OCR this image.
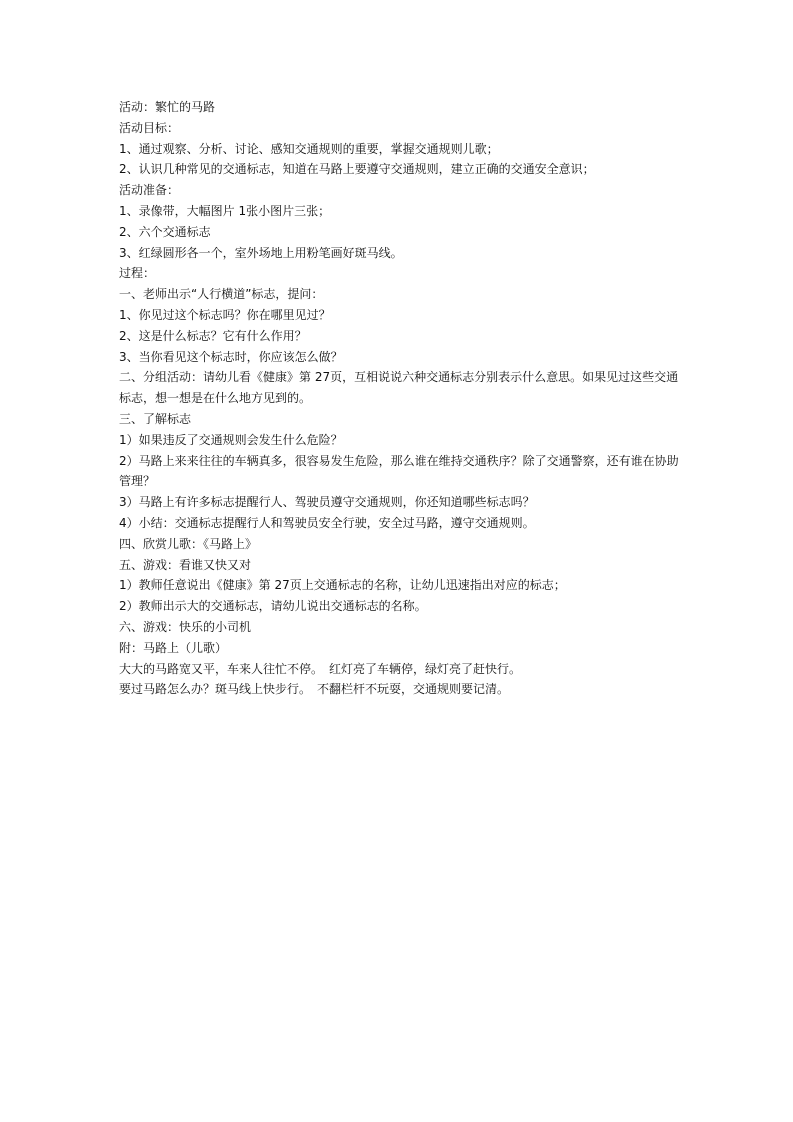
活动：繁忙的马路
活动目标：
1、通过观察、分析、讨论、感知交通规则的重要，掌握交通规则儿歌；
2、认识几种常见的交通标志，知道在马路上要遵守交通规则，建立正确的交通安全意识；
活动准备：
1、录像带，大幅图片 1张小图片三张；
2、六个交通标志
3、红绿圆形各一个，室外场地上用粉笔画好斑马线。
过程：
一、老师出示“人行横道”标志，提问：
1、你见过这个标志吗？你在哪里见过？
2、这是什么标志？它有什么作用？
3、当你看见这个标志时，你应该怎么做？
二、分组活动：请幼儿看《健康》第 27页，互相说说六种交通标志分别表示什么意思。如果见过这些交通标志，想一想是在什么地方见到的。
三、了解标志
1）如果违反了交通规则会发生什么危险？
2）马路上来来往往的车辆真多，很容易发生危险，那么谁在维持交通秩序？除了交通警察，还有谁在协助管理？
3）马路上有许多标志提醒行人、驾驶员遵守交通规则，你还知道哪些标志吗？
4）小结：交通标志提醒行人和驾驶员安全行驶，安全过马路，遵守交通规则。
四、欣赏儿歌：《马路上》
五、游戏：看谁又快又对
1）教师任意说出《健康》第 27页上交通标志的名称，让幼儿迅速指出对应的标志；
2）教师出示大的交通标志，请幼儿说出交通标志的名称。
六、游戏：快乐的小司机
附：马路上（儿歌）
大大的马路宽又平，车来人往忙不停。　红灯亮了车辆停，绿灯亮了赶快行。
要过马路怎么办？斑马线上快步行。　不翻栏杆不玩耍，交通规则要记清。
